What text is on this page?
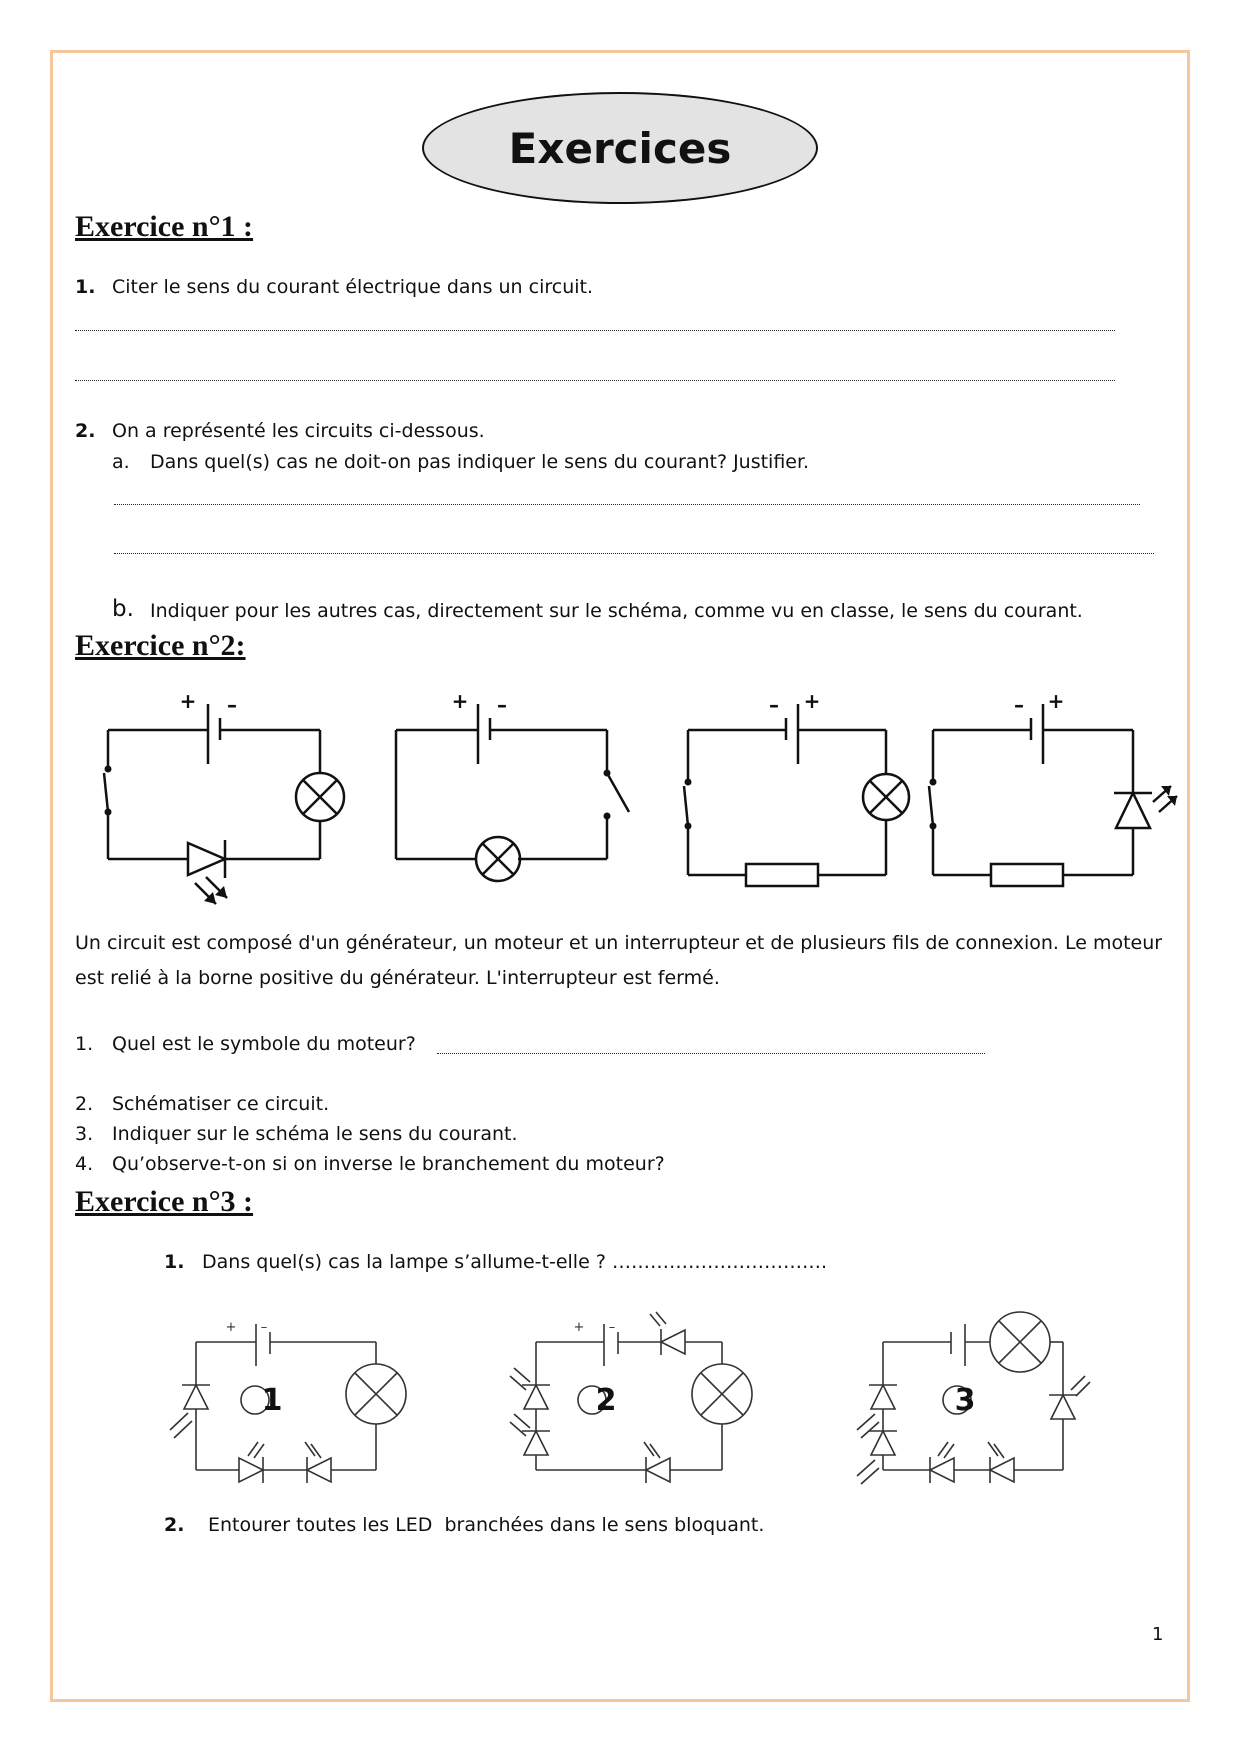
Exercices
Exercice n°1 :
1. Citer le sens du courant électrique dans un circuit.
2. On a représenté les circuits ci-dessous.
a. Dans quel(s) cas ne doit-on pas indiquer le sens du courant? Justifier.
b. Indiquer pour les autres cas, directement sur le schéma, comme vu en classe, le sens du courant.
Exercice n°2:
+ –	+ –	– +	– +

Un circuit est composé d'un générateur, un moteur et un interrupteur et de plusieurs fils de connexion. Le moteur est relié à la borne positive du générateur. L'interrupteur est fermé.

1. Quel est le symbole du moteur?
2. Schématiser ce circuit.
3. Indiquer sur le schéma le sens du courant.
4. Qu’observe-t-on si on inverse le branchement du moteur?
Exercice n°3 :
1. Dans quel(s) cas la lampe s’allume-t-elle ? …………………………….
+ –
1
+ –
2	3
2. Entourer toutes les LED  branchées dans le sens bloquant.
1
